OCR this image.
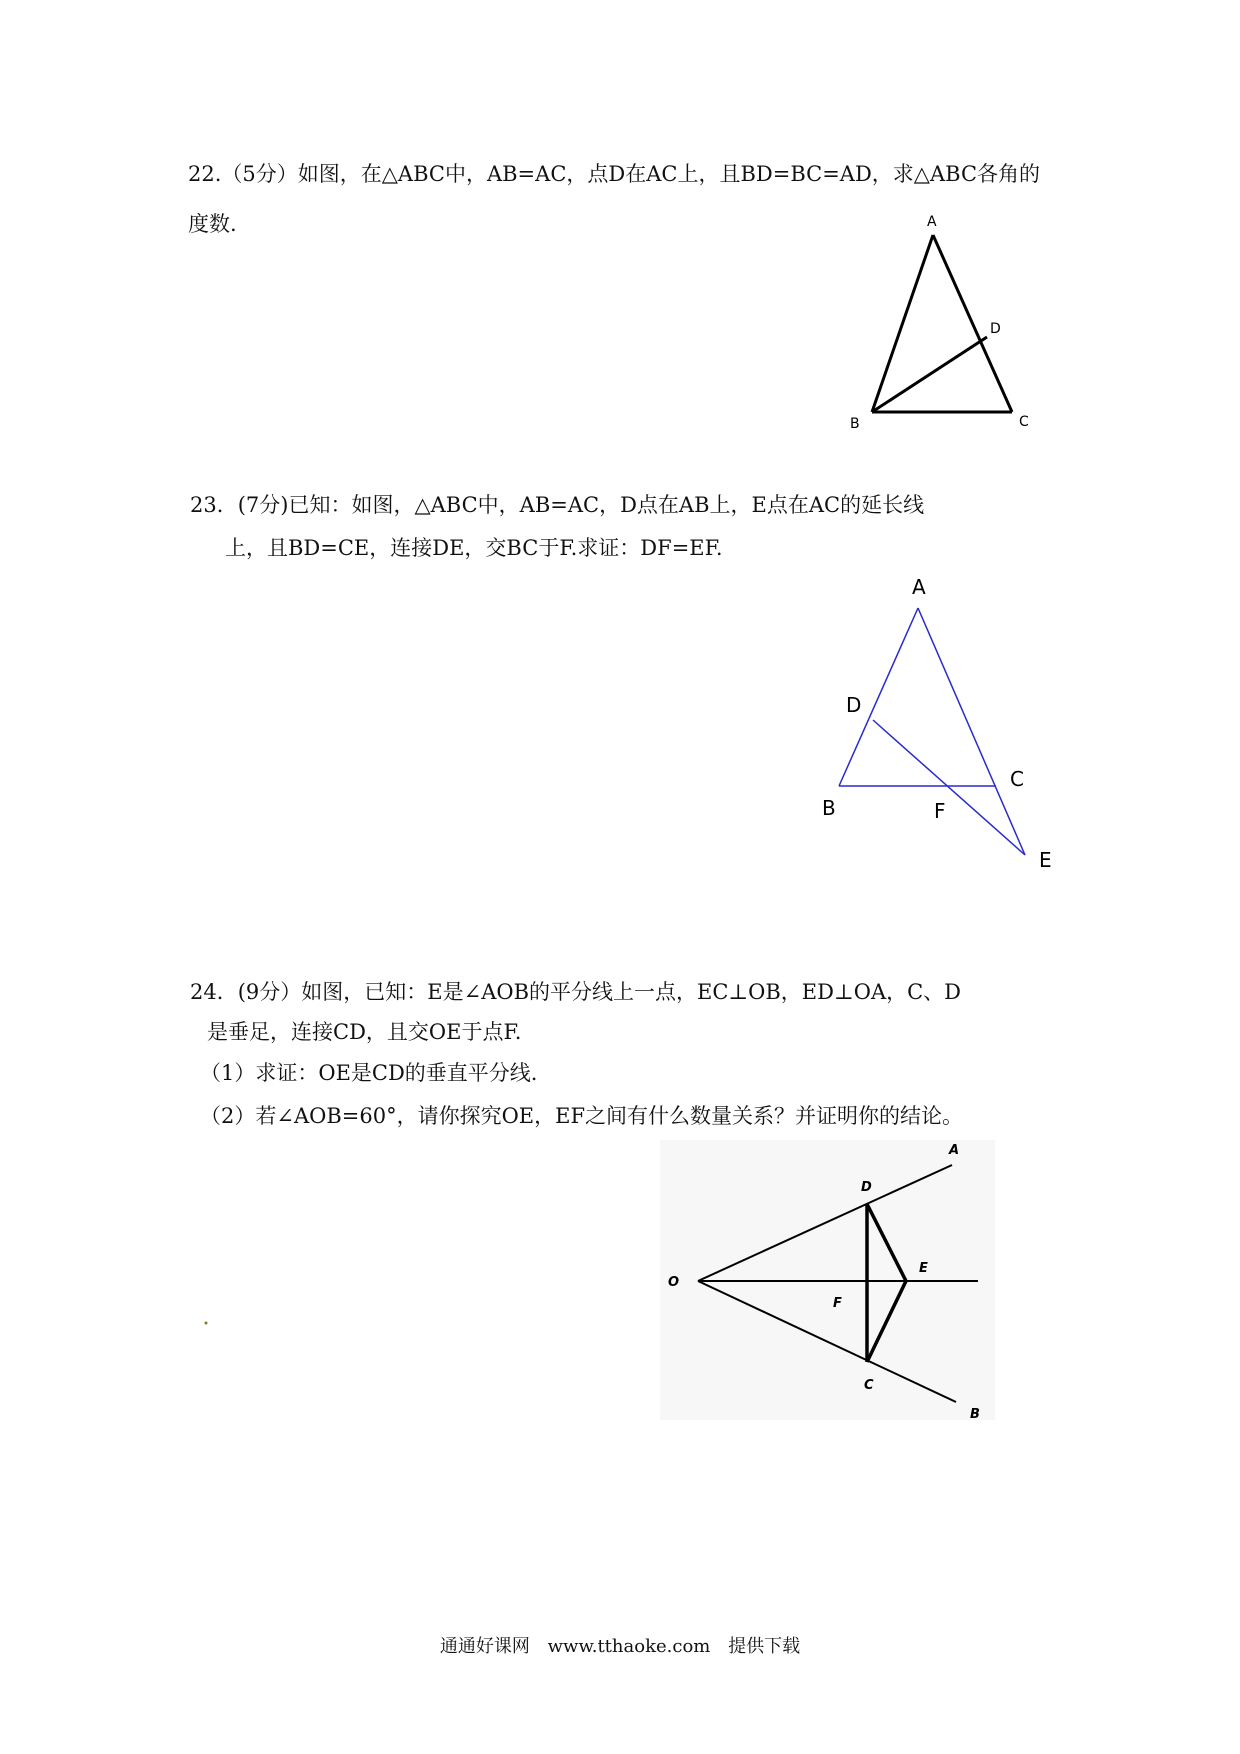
22.（5分）如图，在△ABC中，AB=AC，点D在AC上，且BD=BC=AD，求△ABC各角的
度数.	A
D
B	C
A
D
C
B	F
E
A
D
O
E
F
C
B
23．(7分)已知：如图，△ABC中，AB=AC，D点在AB上，E点在AC的延长线
上，且BD=CE，连接DE，交BC于F.求证：DF=EF.
24．(9分）如图，已知：E是∠AOB的平分线上一点，EC⊥OB，ED⊥OA，C、D
是垂足，连接CD，且交OE于点F.
（1）求证：OE是CD的垂直平分线.
（2）若∠AOB=60°，请你探究OE，EF之间有什么数量关系？并证明你的结论。
通通好课网 www.tthaoke.com 提供下载
